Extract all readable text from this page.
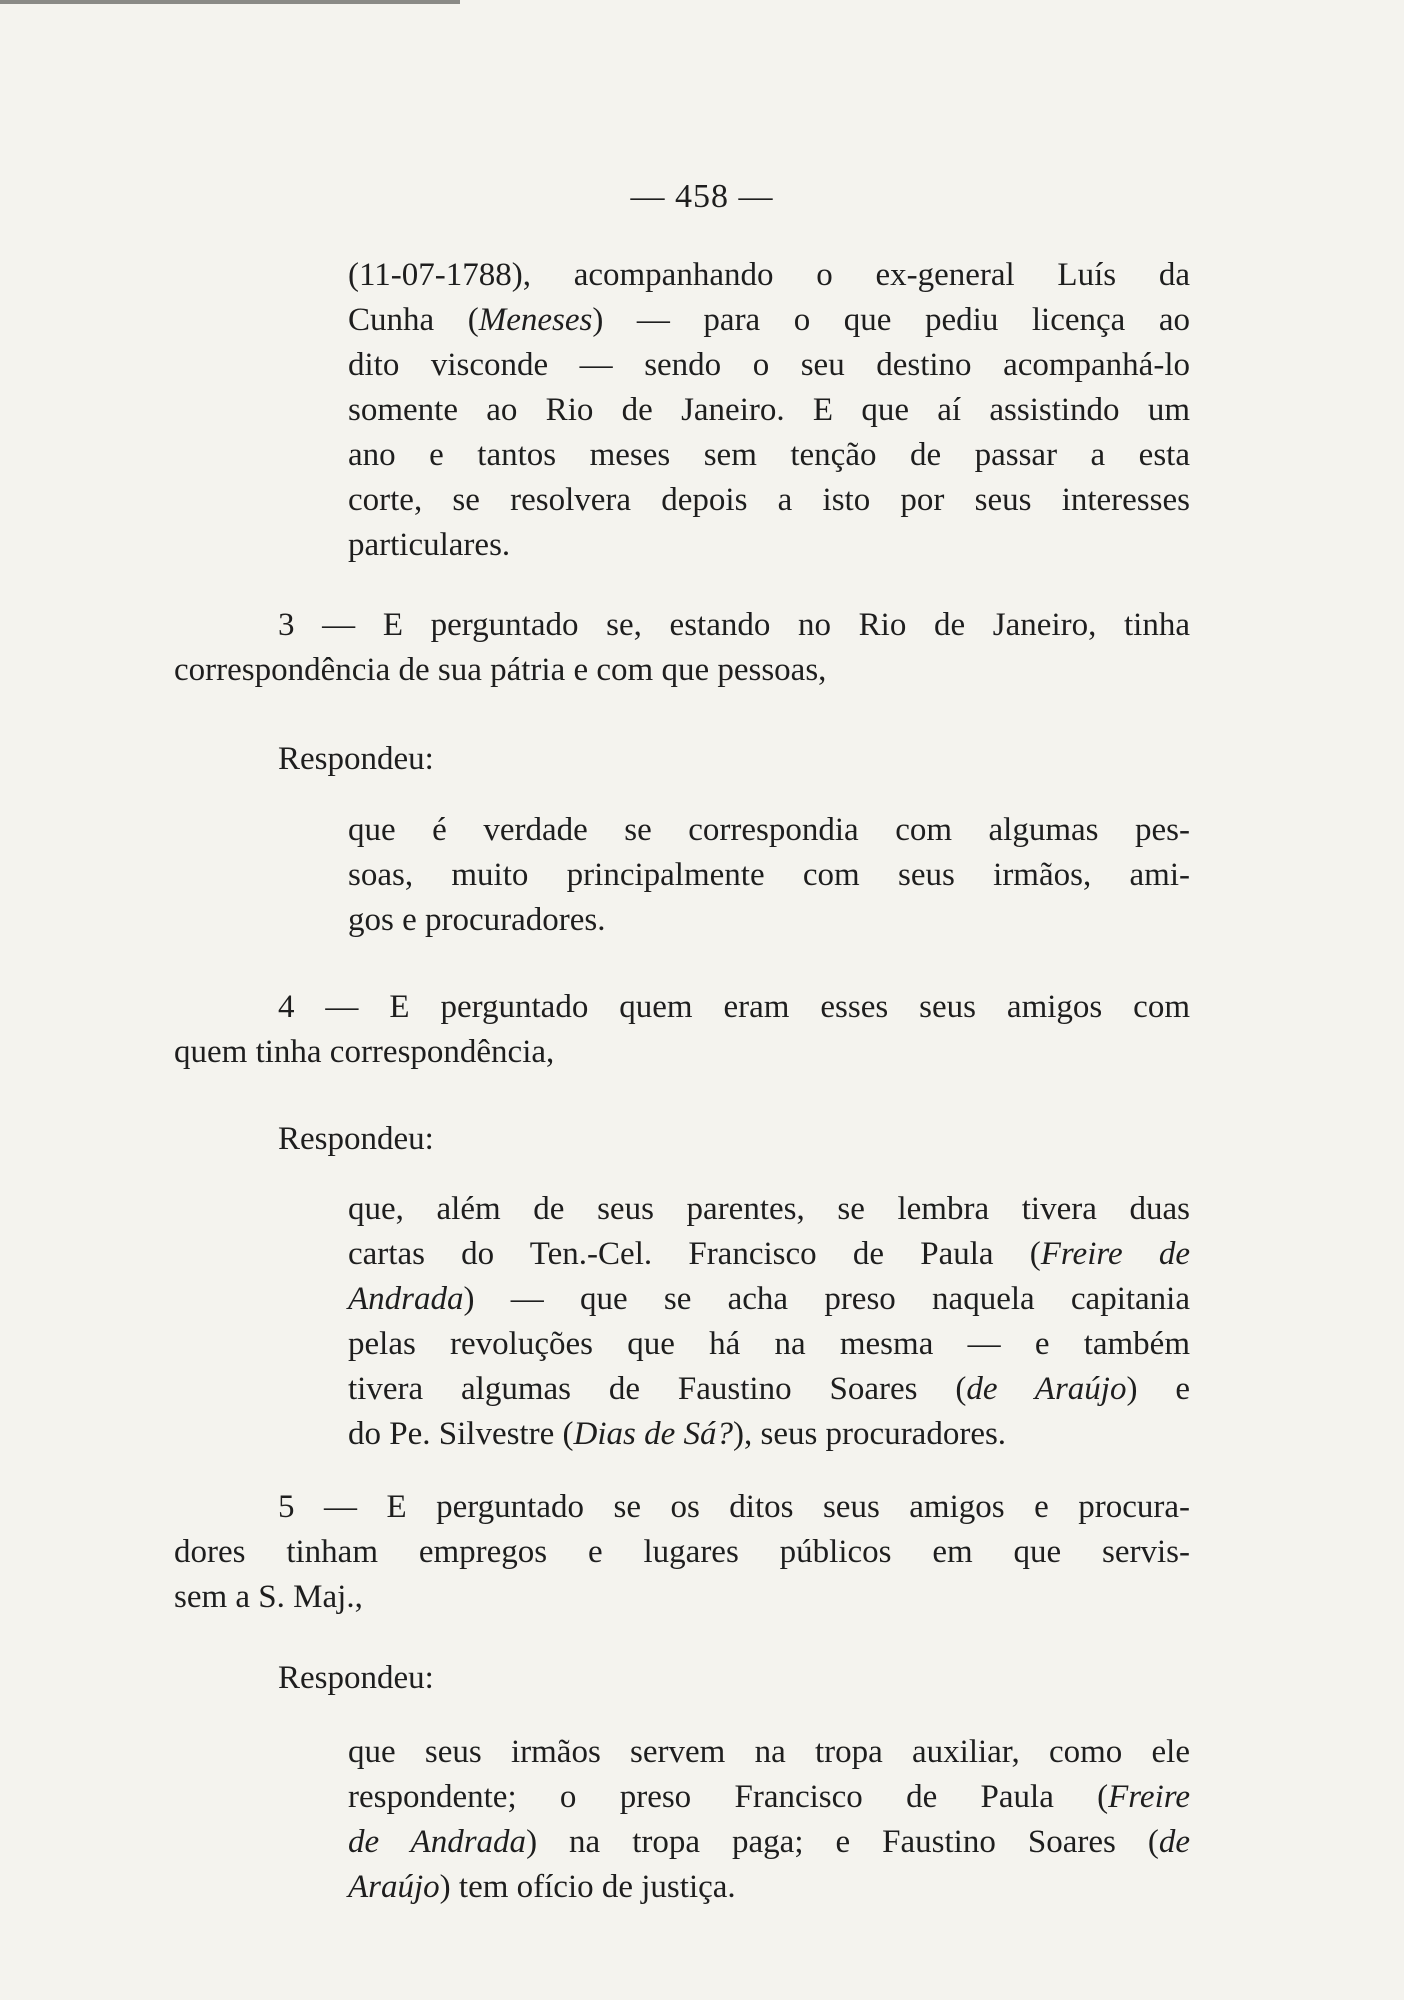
— 458 —
(11-07-1788), acompanhando o ex-general Luís da
Cunha (Meneses) — para o que pediu licença ao
dito visconde — sendo o seu destino acompanhá-lo
somente ao Rio de Janeiro. E que aí assistindo um
ano e tantos meses sem tenção de passar a esta
corte, se resolvera depois a isto por seus interesses
particulares.
3 — E perguntado se, estando no Rio de Janeiro, tinha
correspondência de sua pátria e com que pessoas,
Respondeu:
que é verdade se correspondia com algumas pes-
soas, muito principalmente com seus irmãos, ami-
gos e procuradores.
4 — E perguntado quem eram esses seus amigos com
quem tinha correspondência,
Respondeu:
que, além de seus parentes, se lembra tivera duas
cartas do Ten.-Cel. Francisco de Paula (Freire de
Andrada) — que se acha preso naquela capitania
pelas revoluções que há na mesma — e também
tivera algumas de Faustino Soares (de Araújo) e
do Pe. Silvestre (Dias de Sá?), seus procuradores.
5 — E perguntado se os ditos seus amigos e procura-
dores tinham empregos e lugares públicos em que servis-
sem a S. Maj.,
Respondeu:
que seus irmãos servem na tropa auxiliar, como ele
respondente; o preso Francisco de Paula (Freire
de Andrada) na tropa paga; e Faustino Soares (de
Araújo) tem ofício de justiça.
